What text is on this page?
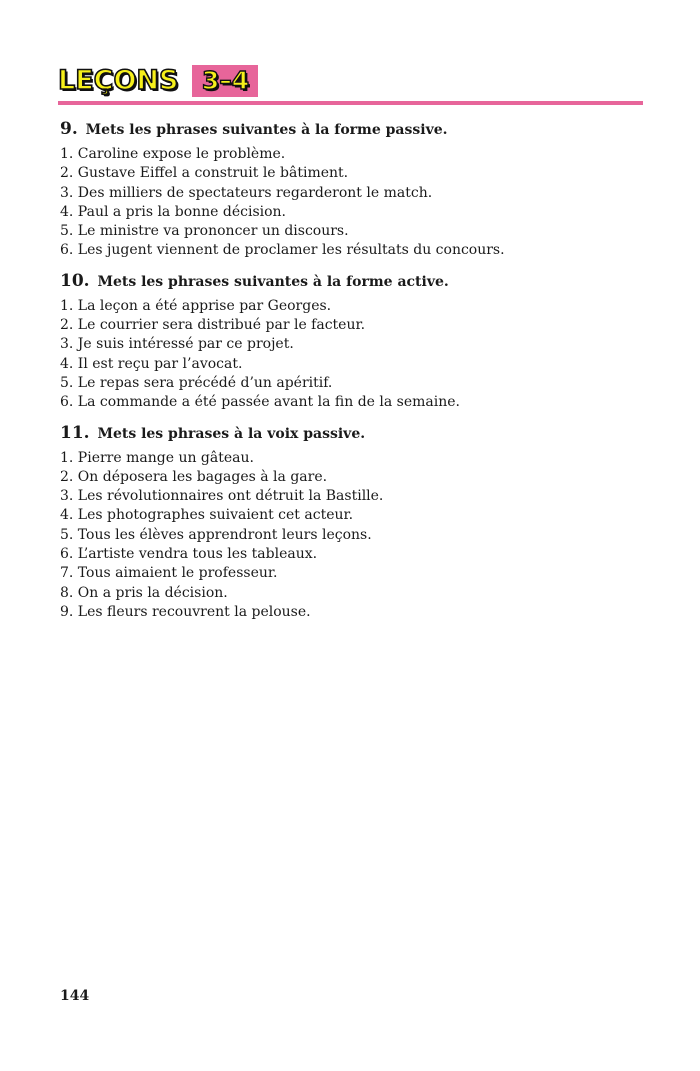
LEÇONS 3–4
9. Mets les phrases suivantes à la forme passive.
1. Caroline expose le problème.
2. Gustave Eiffel a construit le bâtiment.
3. Des milliers de spectateurs regarderont le match.
4. Paul a pris la bonne décision.
5. Le ministre va prononcer un discours.
6. Les jugent viennent de proclamer les résultats du concours.
10. Mets les phrases suivantes à la forme active.
1. La leçon a été apprise par Georges.
2. Le courrier sera distribué par le facteur.
3. Je suis intéressé par ce projet.
4. Il est reçu par l’avocat.
5. Le repas sera précédé d’un apéritif.
6. La commande a été passée avant la fin de la semaine.
11. Mets les phrases à la voix passive.
1. Pierre mange un gâteau.
2. On déposera les bagages à la gare.
3. Les révolutionnaires ont détruit la Bastille.
4. Les photographes suivaient cet acteur.
5. Tous les élèves apprendront leurs leçons.
6. L’artiste vendra tous les tableaux.
7. Tous aimaient le professeur.
8. On a pris la décision.
9. Les fleurs recouvrent la pelouse.
144
